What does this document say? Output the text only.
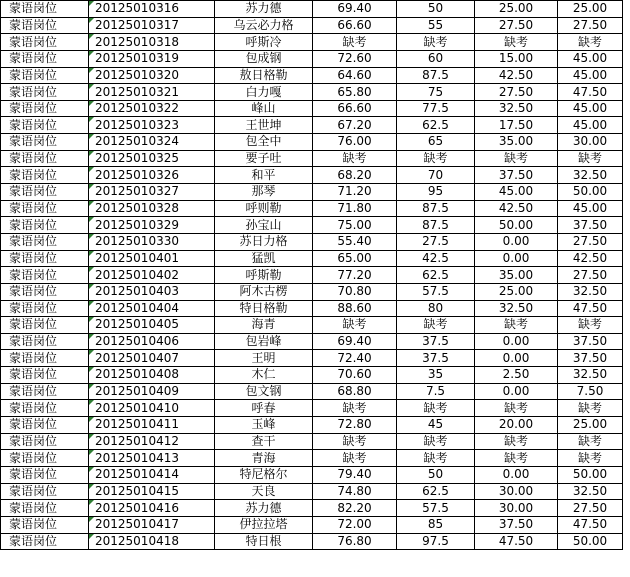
蒙语岗位	20125010316	苏力德	69.40	50	25.00	25.00
蒙语岗位	20125010317	乌云必力格	66.60	55	27.50	27.50
蒙语岗位	20125010318	呼斯冷	缺考	缺考	缺考	缺考
蒙语岗位	20125010319	包成钢	72.60	60	15.00	45.00
蒙语岗位	20125010320	敖日格勒	64.60	87.5	42.50	45.00
蒙语岗位	20125010321	白力嘎	65.80	75	27.50	47.50
蒙语岗位	20125010322	峰山	66.60	77.5	32.50	45.00
蒙语岗位	20125010323	王世坤	67.20	62.5	17.50	45.00
蒙语岗位	20125010324	包全中	76.00	65	35.00	30.00
蒙语岗位	20125010325	要子吐	缺考	缺考	缺考	缺考
蒙语岗位	20125010326	和平	68.20	70	37.50	32.50
蒙语岗位	20125010327	那琴	71.20	95	45.00	50.00
蒙语岗位	20125010328	呼则勒	71.80	87.5	42.50	45.00
蒙语岗位	20125010329	孙宝山	75.00	87.5	50.00	37.50
蒙语岗位	20125010330	苏日力格	55.40	27.5	0.00	27.50
蒙语岗位	20125010401	猛凯	65.00	42.5	0.00	42.50
蒙语岗位	20125010402	呼斯勒	77.20	62.5	35.00	27.50
蒙语岗位	20125010403	阿木古楞	70.80	57.5	25.00	32.50
蒙语岗位	20125010404	特日格勒	88.60	80	32.50	47.50
蒙语岗位	20125010405	海青	缺考	缺考	缺考	缺考
蒙语岗位	20125010406	包岩峰	69.40	37.5	0.00	37.50
蒙语岗位	20125010407	王明	72.40	37.5	0.00	37.50
蒙语岗位	20125010408	木仁	70.60	35	2.50	32.50
蒙语岗位	20125010409	包文钢	68.80	7.5	0.00	7.50
蒙语岗位	20125010410	呼春	缺考	缺考	缺考	缺考
蒙语岗位	20125010411	玉峰	72.80	45	20.00	25.00
蒙语岗位	20125010412	查干	缺考	缺考	缺考	缺考
蒙语岗位	20125010413	青海	缺考	缺考	缺考	缺考
蒙语岗位	20125010414	特尼格尔	79.40	50	0.00	50.00
蒙语岗位	20125010415	天良	74.80	62.5	30.00	32.50
蒙语岗位	20125010416	苏力德	82.20	57.5	30.00	27.50
蒙语岗位	20125010417	伊拉拉塔	72.00	85	37.50	47.50
蒙语岗位	20125010418	特日根	76.80	97.5	47.50	50.00
